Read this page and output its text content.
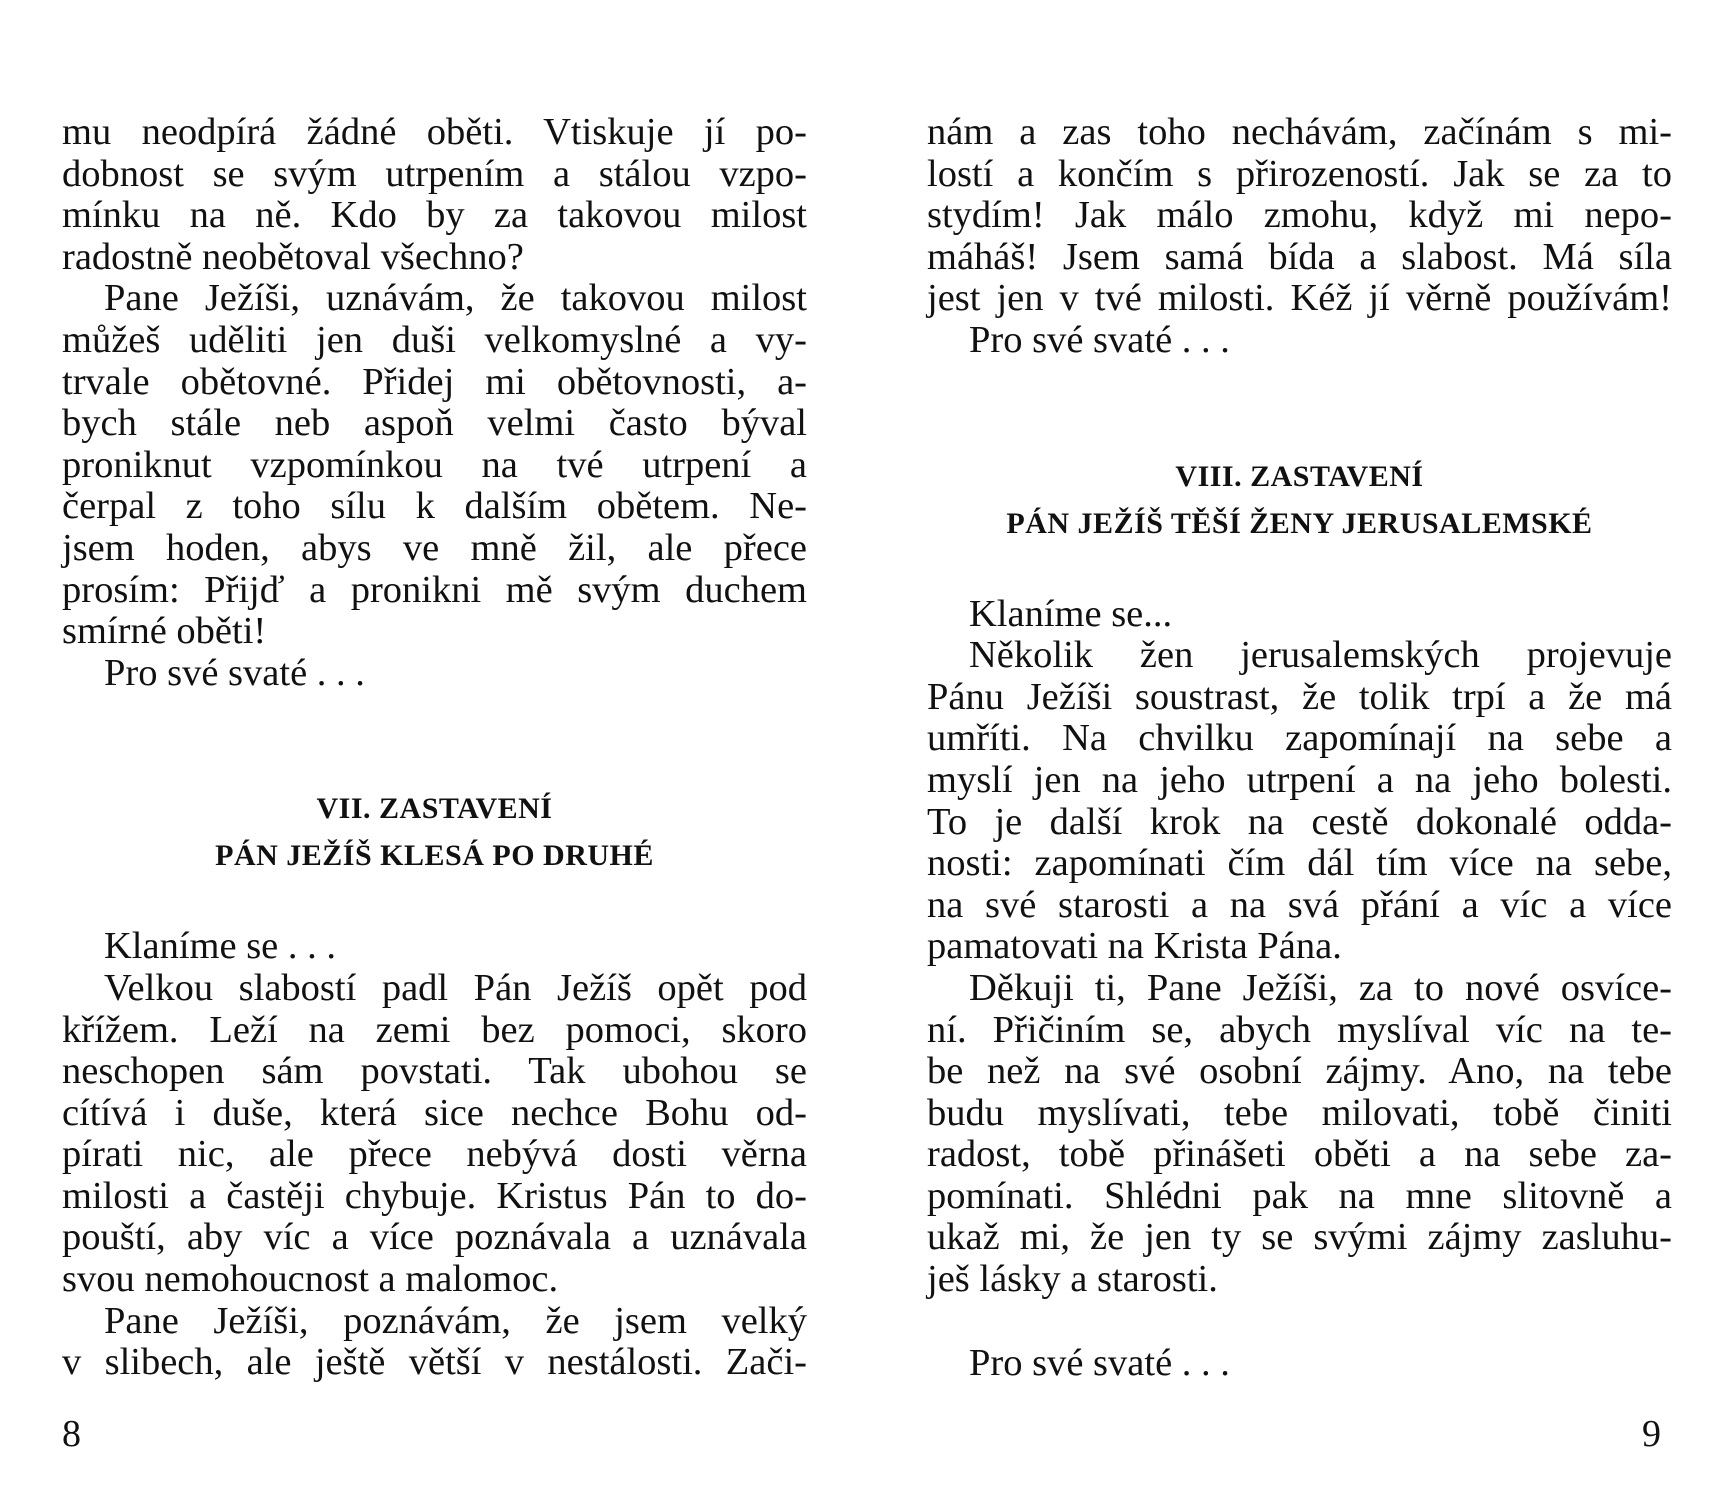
mu neodpírá žádné oběti. Vtiskuje jí po-
dobnost se svým utrpením a stálou vzpo-
mínku na ně. Kdo by za takovou milost
radostně neobětoval všechno?
Pane Ježíši, uznávám, že takovou milost
můžeš uděliti jen duši velkomyslné a vy-
trvale obětovné. Přidej mi obětovnosti, a-
bych stále neb aspoň velmi často býval
proniknut vzpomínkou na tvé utrpení a
čerpal z toho sílu k dalším obětem. Ne-
jsem hoden, abys ve mně žil, ale přece
prosím: Přijď a pronikni mě svým duchem
smírné oběti!
Pro své svaté . . .
VII. ZASTAVENÍ
PÁN JEŽÍŠ KLESÁ PO DRUHÉ
Klaníme se . . .
Velkou slabostí padl Pán Ježíš opět pod
křížem. Leží na zemi bez pomoci, skoro
neschopen sám povstati. Tak ubohou se
cítívá i duše, která sice nechce Bohu od-
pírati nic, ale přece nebývá dosti věrna
milosti a častěji chybuje. Kristus Pán to do-
pouští, aby víc a více poznávala a uznávala
svou nemohoucnost a malomoc.
Pane Ježíši, poznávám, že jsem velký
v slibech, ale ještě větší v nestálosti. Zači-
8
nám a zas toho nechávám, začínám s mi-
lostí a končím s přirozeností. Jak se za to
stydím! Jak málo zmohu, když mi nepo-
máháš! Jsem samá bída a slabost. Má síla
jest jen v tvé milosti. Kéž jí věrně používám!
Pro své svaté . . .
VIII. ZASTAVENÍ
PÁN JEŽÍŠ TĚŠÍ ŽENY JERUSALEMSKÉ
Klaníme se...
Několik žen jerusalemských projevuje
Pánu Ježíši soustrast, že tolik trpí a že má
umříti. Na chvilku zapomínají na sebe a
myslí jen na jeho utrpení a na jeho bolesti.
To je další krok na cestě dokonalé odda-
nosti: zapomínati čím dál tím více na sebe,
na své starosti a na svá přání a víc a více
pamatovati na Krista Pána.
Děkuji ti, Pane Ježíši, za to nové osvíce-
ní. Přičiním se, abych myslíval víc na te-
be než na své osobní zájmy. Ano, na tebe
budu myslívati, tebe milovati, tobě činiti
radost, tobě přinášeti oběti a na sebe za-
pomínati. Shlédni pak na mne slitovně a
ukaž mi, že jen ty se svými zájmy zasluhu-
ješ lásky a starosti.
Pro své svaté . . .
9
